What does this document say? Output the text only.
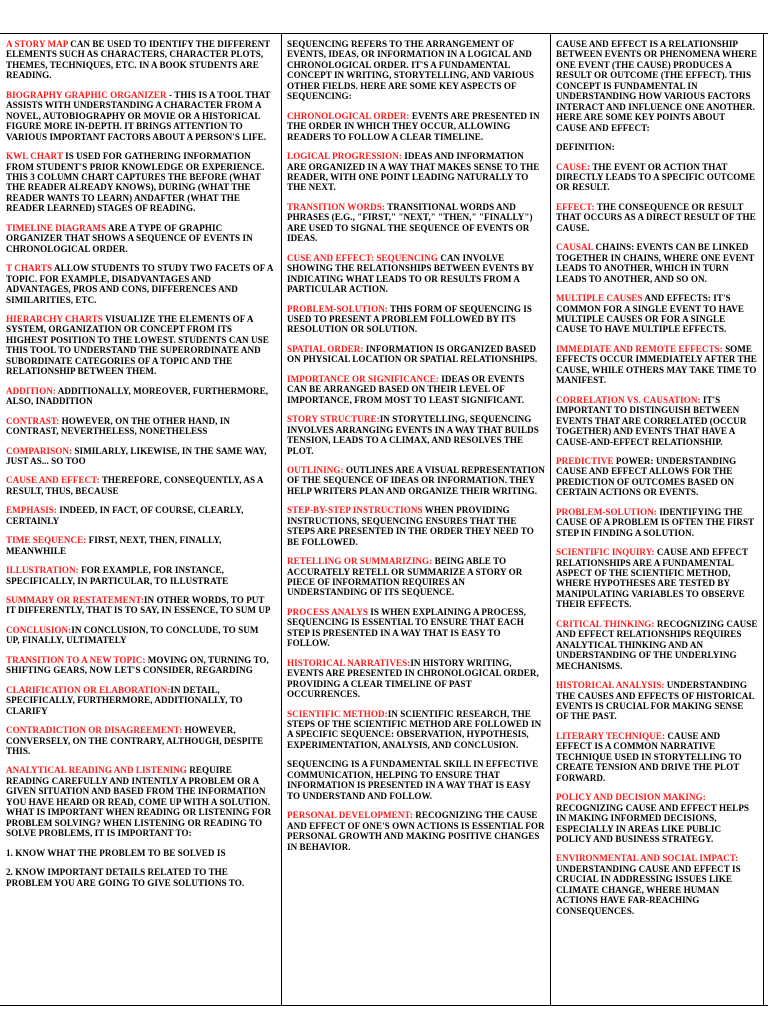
A STORY MAP CAN BE USED TO IDENTIFY THE DIFFERENT ELEMENTS SUCH AS CHARACTERS, CHARACTER PLOTS, THEMES, TECHNIQUES, ETC. IN A BOOK STUDENTS ARE READING.

BIOGRAPHY GRAPHIC ORGANIZER - THIS IS A TOOL THAT ASSISTS WITH UNDERSTANDING A CHARACTER FROM A NOVEL, AUTOBIOGRAPHY OR MOVIE OR A HISTORICAL FIGURE MORE IN-DEPTH. IT BRINGS ATTENTION TO VARIOUS IMPORTANT FACTORS ABOUT A PERSON'S LIFE.

KWL CHART IS USED FOR GATHERING INFORMATION FROM STUDENT'S PRIOR KNOWLEDGE OR EXPERIENCE. THIS 3 COLUMN CHART CAPTURES THE BEFORE (WHAT THE READER ALREADY KNOWS), DURING (WHAT THE READER WANTS TO LEARN) ANDAFTER (WHAT THE READER LEARNED) STAGES OF READING.

TIMELINE DIAGRAMS ARE A TYPE OF GRAPHIC ORGANIZER THAT SHOWS A SEQUENCE OF EVENTS IN CHRONOLOGICAL ORDER.

T CHARTS ALLOW STUDENTS TO STUDY TWO FACETS OF A TOPIC. FOR EXAMPLE, DISADVANTAGES AND ADVANTAGES, PROS AND CONS, DIFFERENCES AND SIMILARITIES, ETC.

HIERARCHY CHARTS VISUALIZE THE ELEMENTS OF A SYSTEM, ORGANIZATION OR CONCEPT FROM ITS HIGHEST POSITION TO THE LOWEST. STUDENTS CAN USE THIS TOOL TO UNDERSTAND THE SUPERORDINATE AND SUBORDINATE CATEGORIES OF A TOPIC AND THE RELATIONSHIP BETWEEN THEM.

ADDITION: ADDITIONALLY, MOREOVER, FURTHERMORE, ALSO, INADDITION

CONTRAST: HOWEVER, ON THE OTHER HAND, IN CONTRAST, NEVERTHELESS, NONETHELESS

COMPARISON: SIMILARLY, LIKEWISE, IN THE SAME WAY, JUST AS... SO TOO

CAUSE AND EFFECT: THEREFORE, CONSEQUENTLY, AS A RESULT, THUS, BECAUSE

EMPHASIS: INDEED, IN FACT, OF COURSE, CLEARLY, CERTAINLY

TIME SEQUENCE: FIRST, NEXT, THEN, FINALLY, MEANWHILE

ILLUSTRATION: FOR EXAMPLE, FOR INSTANCE, SPECIFICALLY, IN PARTICULAR, TO ILLUSTRATE

SUMMARY OR RESTATEMENT:IN OTHER WORDS, TO PUT IT DIFFERENTLY, THAT IS TO SAY, IN ESSENCE, TO SUM UP

CONCLUSION:IN CONCLUSION, TO CONCLUDE, TO SUM UP, FINALLY, ULTIMATELY

TRANSITION TO A NEW TOPIC: MOVING ON, TURNING TO, SHIFTING GEARS, NOW LET'S CONSIDER, REGARDING

CLARIFICATION OR ELABORATION:IN DETAIL, SPECIFICALLY, FURTHERMORE, ADDITIONALLY, TO CLARIFY

CONTRADICTION OR DISAGREEMENT: HOWEVER, CONVERSELY, ON THE CONTRARY, ALTHOUGH, DESPITE THIS.

ANALYTICAL READING AND LISTENING REQUIRE READING CAREFULLY AND INTENTLY A PROBLEM OR A GIVEN SITUATION AND BASED FROM THE INFORMATION YOU HAVE HEARD OR READ, COME UP WITH A SOLUTION. WHAT IS IMPORTANT WHEN READING OR LISTENING FOR PROBLEM SOLVING? WHEN LISTENING OR READING TO SOLVE PROBLEMS, IT IS IMPORTANT TO:

1. KNOW WHAT THE PROBLEM TO BE SOLVED IS

2. KNOW IMPORTANT DETAILS RELATED TO THE PROBLEM YOU ARE GOING TO GIVE SOLUTIONS TO.

SEQUENCING REFERS TO THE ARRANGEMENT OF EVENTS, IDEAS, OR INFORMATION IN A LOGICAL AND CHRONOLOGICAL ORDER. IT'S A FUNDAMENTAL CONCEPT IN WRITING, STORYTELLING, AND VARIOUS OTHER FIELDS. HERE ARE SOME KEY ASPECTS OF SEQUENCING:

CHRONOLOGICAL ORDER: EVENTS ARE PRESENTED IN THE ORDER IN WHICH THEY OCCUR, ALLOWING READERS TO FOLLOW A CLEAR TIMELINE.

LOGICAL PROGRESSION: IDEAS AND INFORMATION ARE ORGANIZED IN A WAY THAT MAKES SENSE TO THE READER, WITH ONE POINT LEADING NATURALLY TO THE NEXT.

TRANSITION WORDS: TRANSITIONAL WORDS AND PHRASES (E.G., "FIRST," "NEXT," "THEN," "FINALLY") ARE USED TO SIGNAL THE SEQUENCE OF EVENTS OR IDEAS.

CUSE AND EFFECT: SEQUENCING CAN INVOLVE SHOWING THE RELATIONSHIPS BETWEEN EVENTS BY INDICATING WHAT LEADS TO OR RESULTS FROM A PARTICULAR ACTION.

PROBLEM-SOLUTION: THIS FORM OF SEQUENCING IS USED TO PRESENT A PROBLEM FOLLOWED BY ITS RESOLUTION OR SOLUTION.

SPATIAL ORDER: INFORMATION IS ORGANIZED BASED ON PHYSICAL LOCATION OR SPATIAL RELATIONSHIPS.

IMPORTANCE OR SIGNIFICANCE: IDEAS OR EVENTS CAN BE ARRANGED BASED ON THEIR LEVEL OF IMPORTANCE, FROM MOST TO LEAST SIGNIFICANT.

STORY STRUCTURE:IN STORYTELLING, SEQUENCING INVOLVES ARRANGING EVENTS IN A WAY THAT BUILDS TENSION, LEADS TO A CLIMAX, AND RESOLVES THE PLOT.

OUTLINING: OUTLINES ARE A VISUAL REPRESENTATION OF THE SEQUENCE OF IDEAS OR INFORMATION. THEY HELP WRITERS PLAN AND ORGANIZE THEIR WRITING.

STEP-BY-STEP INSTRUCTIONS WHEN PROVIDING INSTRUCTIONS, SEQUENCING ENSURES THAT THE STEPS ARE PRESENTED IN THE ORDER THEY NEED TO BE FOLLOWED.

RETELLING OR SUMMARIZING: BEING ABLE TO ACCURATELY RETELL OR SUMMARIZE A STORY OR PIECE OF INFORMATION REQUIRES AN UNDERSTANDING OF ITS SEQUENCE.

PROCESS ANALYS IS WHEN EXPLAINING A PROCESS, SEQUENCING IS ESSENTIAL TO ENSURE THAT EACH STEP IS PRESENTED IN A WAY THAT IS EASY TO FOLLOW.

HISTORICAL NARRATIVES:IN HISTORY WRITING, EVENTS ARE PRESENTED IN CHRONOLOGICAL ORDER, PROVIDING A CLEAR TIMELINE OF PAST OCCURRENCES.

SCIENTIFIC METHOD:IN SCIENTIFIC RESEARCH, THE STEPS OF THE SCIENTIFIC METHOD ARE FOLLOWED IN A SPECIFIC SEQUENCE: OBSERVATION, HYPOTHESIS, EXPERIMENTATION, ANALYSIS, AND CONCLUSION.

SEQUENCING IS A FUNDAMENTAL SKILL IN EFFECTIVE COMMUNICATION, HELPING TO ENSURE THAT INFORMATION IS PRESENTED IN A WAY THAT IS EASY TO UNDERSTAND AND FOLLOW.

PERSONAL DEVELOPMENT: RECOGNIZING THE CAUSE AND EFFECT OF ONE'S OWN ACTIONS IS ESSENTIAL FOR PERSONAL GROWTH AND MAKING POSITIVE CHANGES IN BEHAVIOR.

CAUSE AND EFFECT IS A RELATIONSHIP BETWEEN EVENTS OR PHENOMENA WHERE ONE EVENT (THE CAUSE) PRODUCES A RESULT OR OUTCOME (THE EFFECT). THIS CONCEPT IS FUNDAMENTAL IN UNDERSTANDING HOW VARIOUS FACTORS INTERACT AND INFLUENCE ONE ANOTHER. HERE ARE SOME KEY POINTS ABOUT CAUSE AND EFFECT:

DEFINITION:

CAUSE: THE EVENT OR ACTION THAT DIRECTLY LEADS TO A SPECIFIC OUTCOME OR RESULT.

EFFECT: THE CONSEQUENCE OR RESULT THAT OCCURS AS A DIRECT RESULT OF THE CAUSE.

CAUSAL CHAINS: EVENTS CAN BE LINKED TOGETHER IN CHAINS, WHERE ONE EVENT LEADS TO ANOTHER, WHICH IN TURN LEADS TO ANOTHER, AND SO ON.

MULTIPLE CAUSES AND EFFECTS: IT'S COMMON FOR A SINGLE EVENT TO HAVE MULTIPLE CAUSES OR FOR A SINGLE CAUSE TO HAVE MULTIPLE EFFECTS.

IMMEDIATE AND REMOTE EFFECTS: SOME EFFECTS OCCUR IMMEDIATELY AFTER THE CAUSE, WHILE OTHERS MAY TAKE TIME TO MANIFEST.

CORRELATION VS. CAUSATION: IT'S IMPORTANT TO DISTINGUISH BETWEEN EVENTS THAT ARE CORRELATED (OCCUR TOGETHER) AND EVENTS THAT HAVE A CAUSE-AND-EFFECT RELATIONSHIP.

PREDICTIVE POWER: UNDERSTANDING CAUSE AND EFFECT ALLOWS FOR THE PREDICTION OF OUTCOMES BASED ON CERTAIN ACTIONS OR EVENTS.

PROBLEM-SOLUTION: IDENTIFYING THE CAUSE OF A PROBLEM IS OFTEN THE FIRST STEP IN FINDING A SOLUTION.

SCIENTIFIC INQUIRY: CAUSE AND EFFECT RELATIONSHIPS ARE A FUNDAMENTAL ASPECT OF THE SCIENTIFIC METHOD, WHERE HYPOTHESES ARE TESTED BY MANIPULATING VARIABLES TO OBSERVE THEIR EFFECTS.

CRITICAL THINKING: RECOGNIZING CAUSE AND EFFECT RELATIONSHIPS REQUIRES ANALYTICAL THINKING AND AN UNDERSTANDING OF THE UNDERLYING MECHANISMS.

HISTORICAL ANALYSIS: UNDERSTANDING THE CAUSES AND EFFECTS OF HISTORICAL EVENTS IS CRUCIAL FOR MAKING SENSE OF THE PAST.

LITERARY TECHNIQUE: CAUSE AND EFFECT IS A COMMON NARRATIVE TECHNIQUE USED IN STORYTELLING TO CREATE TENSION AND DRIVE THE PLOT FORWARD.

POLICY AND DECISION MAKING: RECOGNIZING CAUSE AND EFFECT HELPS IN MAKING INFORMED DECISIONS, ESPECIALLY IN AREAS LIKE PUBLIC POLICY AND BUSINESS STRATEGY.

ENVIRONMENTAL AND SOCIAL IMPACT: UNDERSTANDING CAUSE AND EFFECT IS CRUCIAL IN ADDRESSING ISSUES LIKE CLIMATE CHANGE, WHERE HUMAN ACTIONS HAVE FAR-REACHING CONSEQUENCES.
